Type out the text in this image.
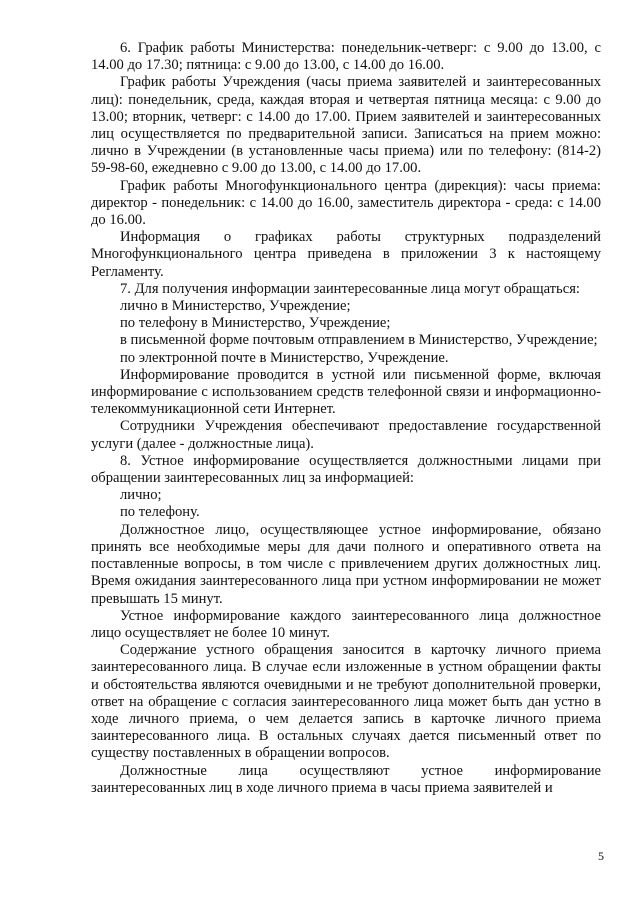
6. График работы Министерства: понедельник-четверг: с 9.00 до 13.00, с 14.00 до 17.30; пятница: с 9.00 до 13.00, с 14.00 до 16.00.

График работы Учреждения (часы приема заявителей и заинтересованных лиц): понедельник, среда, каждая вторая и четвертая пятница месяца: с 9.00 до 13.00; вторник, четверг: с 14.00 до 17.00. Прием заявителей и заинтересованных лиц осуществляется по предварительной записи. Записаться на прием можно: лично в Учреждении (в установленные часы приема) или по телефону: (814-2) 59-98-60, ежедневно с 9.00 до 13.00, с 14.00 до 17.00.

График работы Многофункционального центра (дирекция): часы приема: директор - понедельник: с 14.00 до 16.00, заместитель директора - среда: с 14.00 до 16.00.

Информация о графиках работы структурных подразделений Многофункционального центра приведена в приложении 3 к настоящему Регламенту.

7. Для получения информации заинтересованные лица могут обращаться:

лично в Министерство, Учреждение;

по телефону в Министерство, Учреждение;

в письменной форме почтовым отправлением в Министерство, Учреждение;

по электронной почте в Министерство, Учреждение.

Информирование проводится в устной или письменной форме, включая информирование с использованием средств телефонной связи и информационно-телекоммуникационной сети Интернет.

Сотрудники Учреждения обеспечивают предоставление государственной услуги (далее - должностные лица).

8. Устное информирование осуществляется должностными лицами при обращении заинтересованных лиц за информацией:

лично;

по телефону.

Должностное лицо, осуществляющее устное информирование, обязано принять все необходимые меры для дачи полного и оперативного ответа на поставленные вопросы, в том числе с привлечением других должностных лиц. Время ожидания заинтересованного лица при устном информировании не может превышать 15 минут.

Устное информирование каждого заинтересованного лица должностное лицо осуществляет не более 10 минут.

Содержание устного обращения заносится в карточку личного приема заинтересованного лица. В случае если изложенные в устном обращении факты и обстоятельства являются очевидными и не требуют дополнительной проверки, ответ на обращение с согласия заинтересованного лица может быть дан устно в ходе личного приема, о чем делается запись в карточке личного приема заинтересованного лица. В остальных случаях дается письменный ответ по существу поставленных в обращении вопросов.

Должностные лица осуществляют устное информирование заинтересованных лиц в ходе личного приема в часы приема заявителей и

5
